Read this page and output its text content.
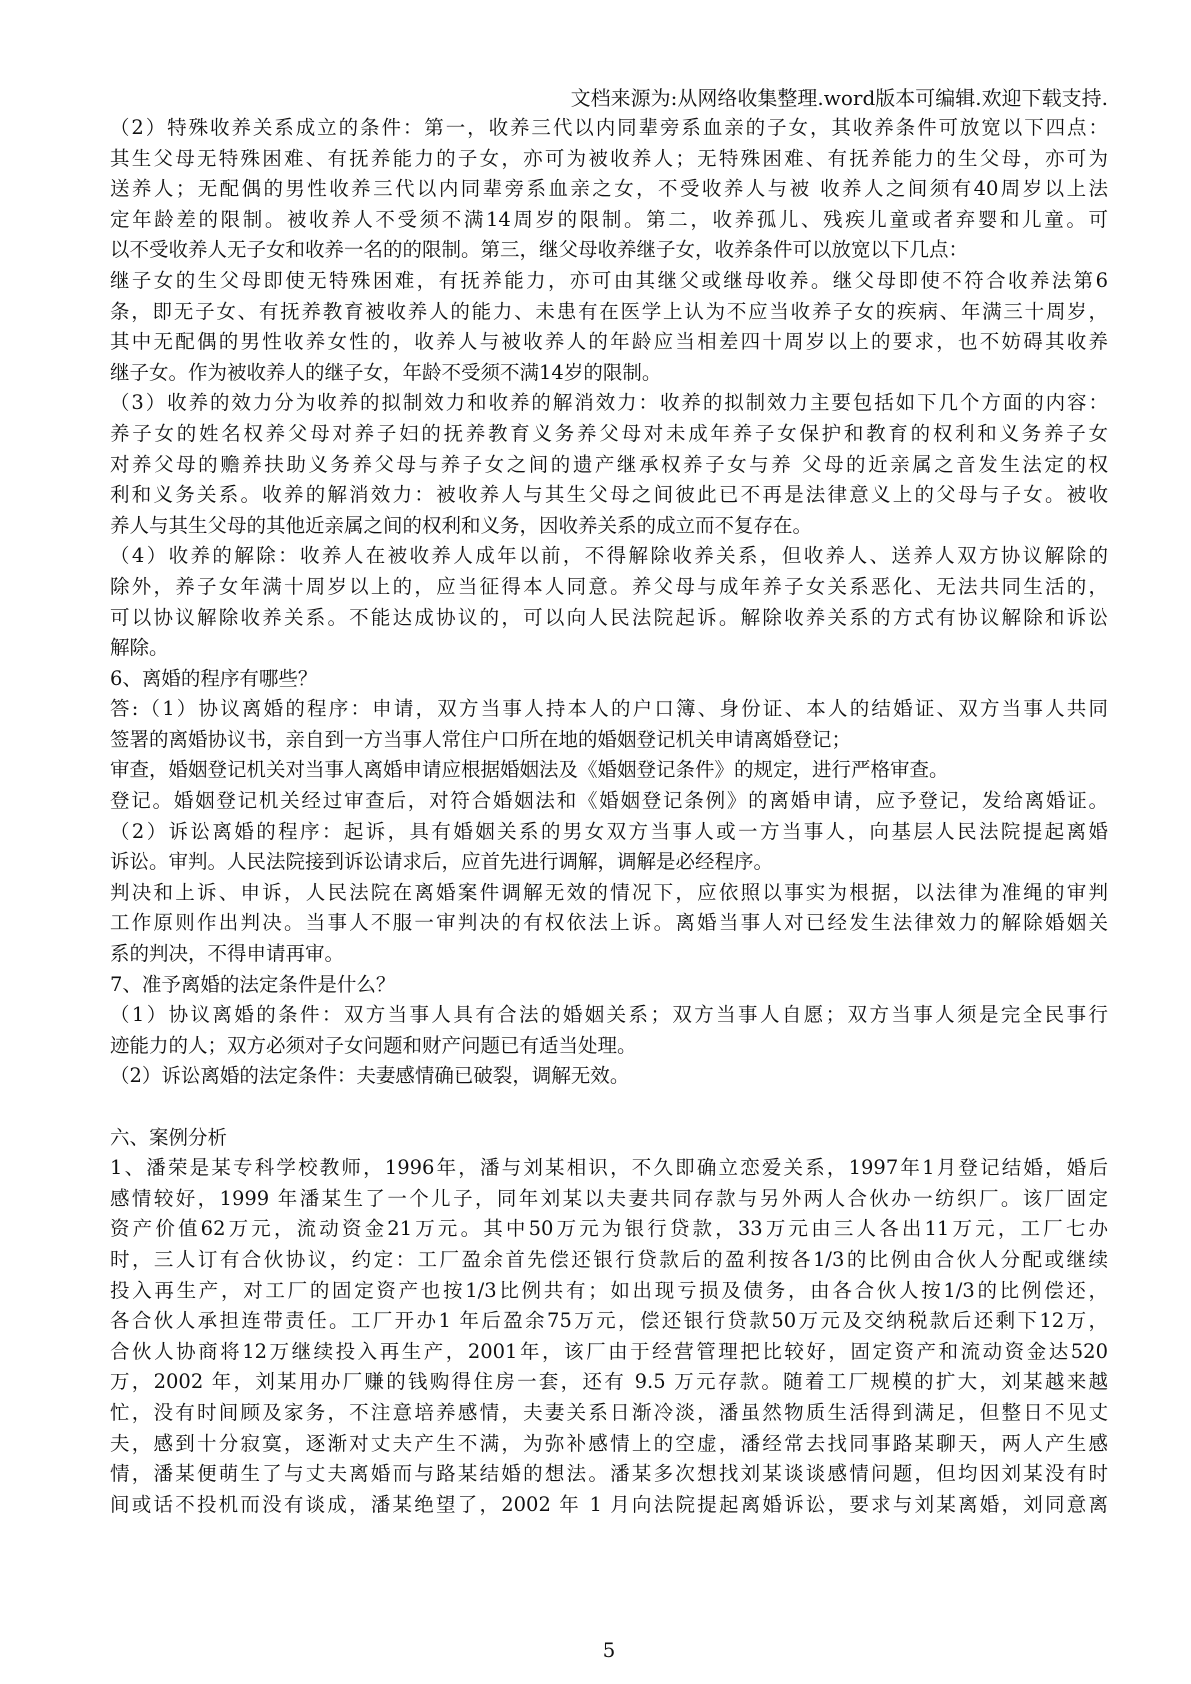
文档来源为:从网络收集整理.word版本可编辑.欢迎下载支持.
（2）特殊收养关系成立的条件：第一，收养三代以内同辈旁系血亲的子女，其收养条件可放宽以下四点：
其生父母无特殊困难、有抚养能力的子女，亦可为被收养人；无特殊困难、有抚养能力的生父母，亦可为
送养人；无配偶的男性收养三代以内同辈旁系血亲之女，不受收养人与被 收养人之间须有40周岁以上法
定年龄差的限制。被收养人不受须不满14周岁的限制。第二，收养孤儿、残疾儿童或者弃婴和儿童。可
以不受收养人无子女和收养一名的的限制。第三，继父母收养继子女，收养条件可以放宽以下几点：
继子女的生父母即使无特殊困难，有抚养能力，亦可由其继父或继母收养。继父母即使不符合收养法第6
条，即无子女、有抚养教育被收养人的能力、未患有在医学上认为不应当收养子女的疾病、年满三十周岁，
其中无配偶的男性收养女性的，收养人与被收养人的年龄应当相差四十周岁以上的要求，也不妨碍其收养
继子女。作为被收养人的继子女，年龄不受须不满14岁的限制。
（3）收养的效力分为收养的拟制效力和收养的解消效力：收养的拟制效力主要包括如下几个方面的内容：
养子女的姓名权养父母对养子妇的抚养教育义务养父母对未成年养子女保护和教育的权利和义务养子女
对养父母的赡养扶助义务养父母与养子女之间的遗产继承权养子女与养 父母的近亲属之音发生法定的权
利和义务关系。收养的解消效力：被收养人与其生父母之间彼此已不再是法律意义上的父母与子女。被收
养人与其生父母的其他近亲属之间的权利和义务，因收养关系的成立而不复存在。
（4）收养的解除：收养人在被收养人成年以前，不得解除收养关系，但收养人、送养人双方协议解除的
除外，养子女年满十周岁以上的，应当征得本人同意。养父母与成年养子女关系恶化、无法共同生活的，
可以协议解除收养关系。不能达成协议的，可以向人民法院起诉。解除收养关系的方式有协议解除和诉讼
解除。
6、离婚的程序有哪些？
答:（1）协议离婚的程序：申请，双方当事人持本人的户口簿、身份证、本人的结婚证、双方当事人共同
签署的离婚协议书，亲自到一方当事人常住户口所在地的婚姻登记机关申请离婚登记；
审查，婚姻登记机关对当事人离婚申请应根据婚姻法及《婚姻登记条件》的规定，进行严格审查。
登记。婚姻登记机关经过审查后，对符合婚姻法和《婚姻登记条例》的离婚申请，应予登记，发给离婚证。
（2）诉讼离婚的程序：起诉，具有婚姻关系的男女双方当事人或一方当事人，向基层人民法院提起离婚
诉讼。审判。人民法院接到诉讼请求后，应首先进行调解，调解是必经程序。
判决和上诉、申诉，人民法院在离婚案件调解无效的情况下，应依照以事实为根据，以法律为准绳的审判
工作原则作出判决。当事人不服一审判决的有权依法上诉。离婚当事人对已经发生法律效力的解除婚姻关
系的判决，不得申请再审。
7、准予离婚的法定条件是什么？
（1）协议离婚的条件：双方当事人具有合法的婚姻关系；双方当事人自愿；双方当事人须是完全民事行
迹能力的人；双方必须对子女问题和财产问题已有适当处理。
（2）诉讼离婚的法定条件：夫妻感情确已破裂，调解无效。
六、案例分析
1、潘荣是某专科学校教师，1996年，潘与刘某相识，不久即确立恋爱关系，1997年1月登记结婚，婚后
感情较好，1999 年潘某生了一个儿子，同年刘某以夫妻共同存款与另外两人合伙办一纺织厂。该厂固定
资产价值62万元，流动资金21万元。其中50万元为银行贷款，33万元由三人各出11万元，工厂七办
时，三人订有合伙协议，约定：工厂盈余首先偿还银行贷款后的盈利按各1/3的比例由合伙人分配或继续
投入再生产，对工厂的固定资产也按1/3比例共有；如出现亏损及债务，由各合伙人按1/3的比例偿还，
各合伙人承担连带责任。工厂开办1 年后盈余75万元，偿还银行贷款50万元及交纳税款后还剩下12万，
合伙人协商将12万继续投入再生产，2001年，该厂由于经营管理把比较好，固定资产和流动资金达520
万，2002 年，刘某用办厂赚的钱购得住房一套，还有 9.5 万元存款。随着工厂规模的扩大，刘某越来越
忙，没有时间顾及家务，不注意培养感情，夫妻关系日渐冷淡，潘虽然物质生活得到满足，但整日不见丈
夫，感到十分寂寞，逐渐对丈夫产生不满，为弥补感情上的空虚，潘经常去找同事路某聊天，两人产生感
情，潘某便萌生了与丈夫离婚而与路某结婚的想法。潘某多次想找刘某谈谈感情问题，但均因刘某没有时
间或话不投机而没有谈成，潘某绝望了，2002 年 1 月向法院提起离婚诉讼，要求与刘某离婚，刘同意离
5
